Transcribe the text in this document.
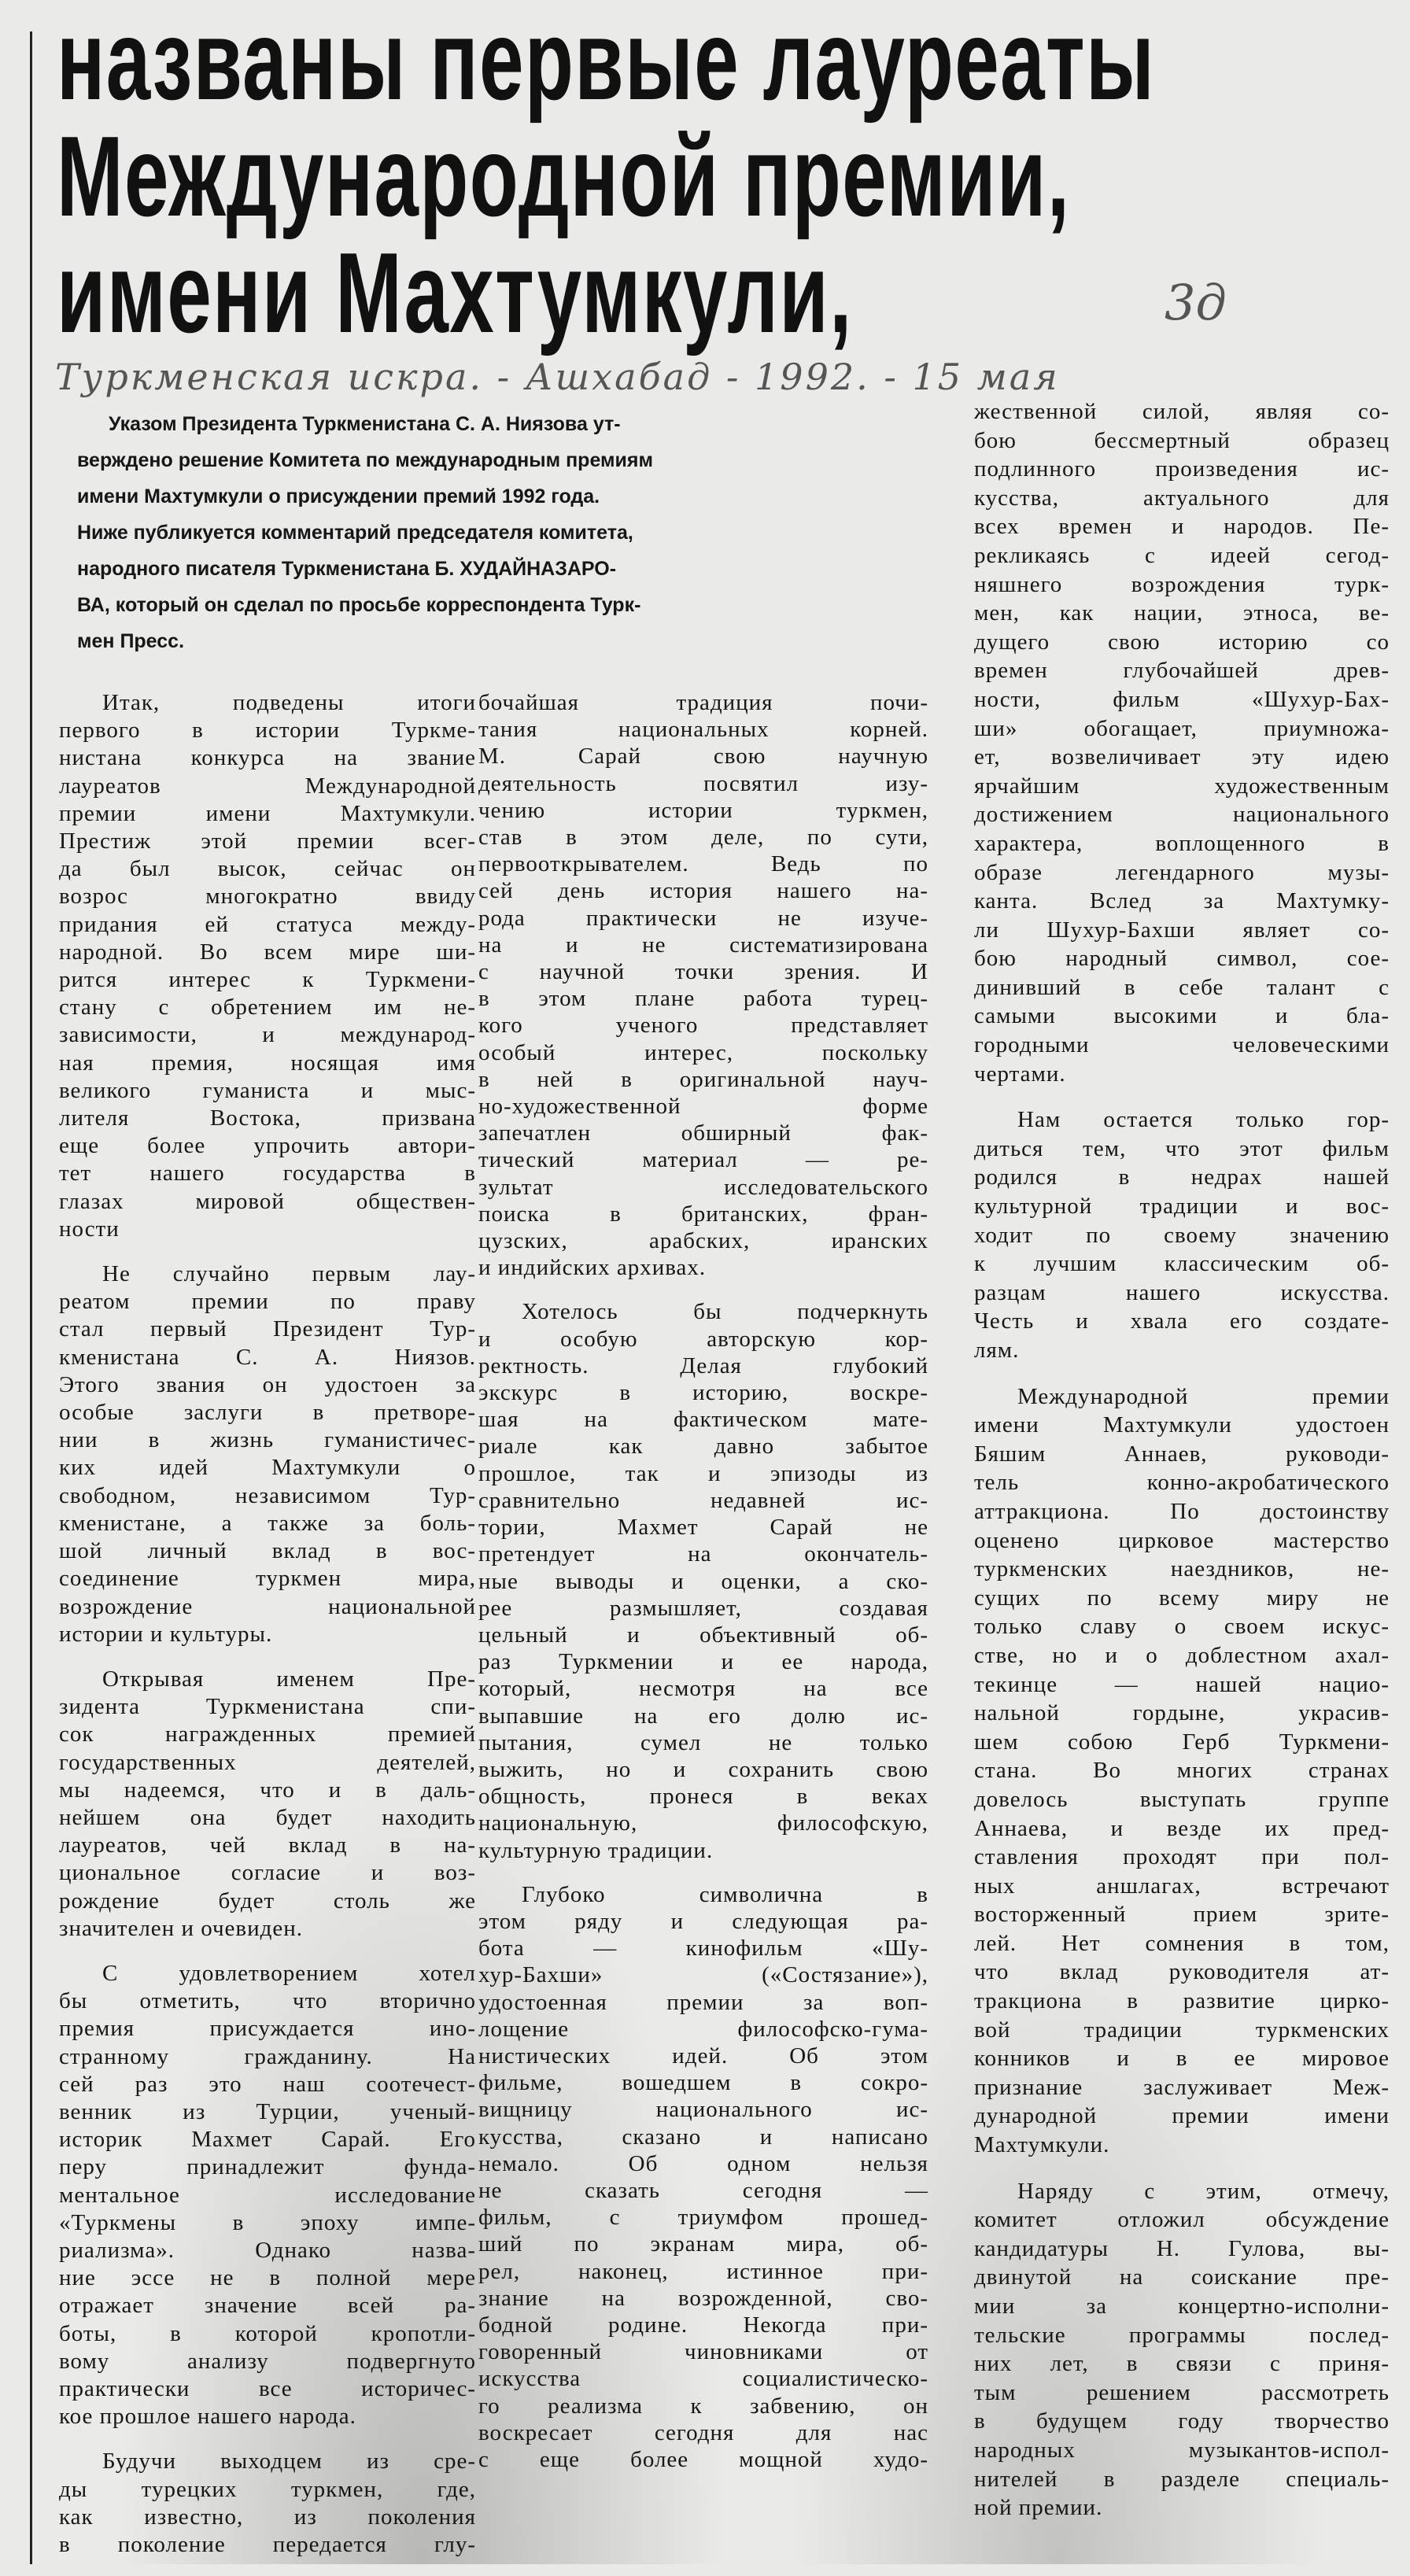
названы первые лауреаты
Международной премии,
имени Махтумкули,	3д
Туркменская искра. - Ашхабад - 1992. - 15 мая
Указом Президента Туркменистана С. А. Ниязова ут-
верждено решение Комитета по международным премиям
имени Махтумкули о присуждении премий 1992 года.
Ниже публикуется комментарий председателя комитета,
народного писателя Туркменистана Б. ХУДАЙНАЗАРО-
ВА, который он сделал по просьбе корреспондента Турк-
мен Пресс.
Итак, подведены итоги
первого в истории Туркме-
нистана конкурса на звание
лауреатов Международной
премии имени Махтумкули.
Престиж этой премии всег-
да был высок, сейчас он
возрос многократно ввиду
придания ей статуса между-
народной. Во всем мире ши-
рится интерес к Туркмени-
стану с обретением им не-
зависимости, и международ-
ная премия, носящая имя
великого гуманиста и мыс-
лителя Востока, призвана
еще более упрочить автори-
тет нашего государства в
глазах мировой обществен-
ности
Не случайно первым лау-
реатом премии по праву
стал первый Президент Тур-
кменистана С. А. Ниязов.
Этого звания он удостоен за
особые заслуги в претворе-
нии в жизнь гуманистичес-
ких идей Махтумкули о
свободном, независимом Тур-
кменистане, а также за боль-
шой личный вклад в вос-
соединение туркмен мира,
возрождение национальной
истории и культуры.
Открывая именем Пре-
зидента Туркменистана спи-
сок награжденных премией
государственных деятелей,
мы надеемся, что и в даль-
нейшем она будет находить
лауреатов, чей вклад в на-
циональное согласие и воз-
рождение будет столь же
значителен и очевиден.
С удовлетворением хотел
бы отметить, что вторично
премия присуждается ино-
странному гражданину. На
сей раз это наш соотечест-
венник из Турции, ученый-
историк Махмет Сарай. Его
перу принадлежит фунда-
ментальное исследование
«Туркмены в эпоху импе-
риализма». Однако назва-
ние эссе не в полной мере
отражает значение всей ра-
боты, в которой кропотли-
вому анализу подвергнуто
практически все историчес-
кое прошлое нашего народа.
Будучи выходцем из сре-
ды турецких туркмен, где,
как известно, из поколения
в поколение передается глу-
бочайшая традиция почи-
тания национальных корней.
М. Сарай свою научную
деятельность посвятил изу-
чению истории туркмен,
став в этом деле, по сути,
первооткрывателем. Ведь по
сей день история нашего на-
рода практически не изуче-
на и не систематизирована
с научной точки зрения. И
в этом плане работа турец-
кого ученого представляет
особый интерес, поскольку
в ней в оригинальной науч-
но-художественной форме
запечатлен обширный фак-
тический материал — ре-
зультат исследовательского
поиска в британских, фран-
цузских, арабских, иранских
и индийских архивах.
Хотелось бы подчеркнуть
и особую авторскую кор-
ректность. Делая глубокий
экскурс в историю, воскре-
шая на фактическом мате-
риале как давно забытое
прошлое, так и эпизоды из
сравнительно недавней ис-
тории, Махмет Сарай не
претендует на окончатель-
ные выводы и оценки, а ско-
рее размышляет, создавая
цельный и объективный об-
раз Туркмении и ее народа,
который, несмотря на все
выпавшие на его долю ис-
пытания, сумел не только
выжить, но и сохранить свою
общность, пронеся в веках
национальную, философскую,
культурную традиции.
Глубоко символична в
этом ряду и следующая ра-
бота — кинофильм «Шу-
хур-Бахши» («Состязание»),
удостоенная премии за воп-
лощение философско-гума-
нистических идей. Об этом
фильме, вошедшем в сокро-
вищницу национального ис-
кусства, сказано и написано
немало. Об одном нельзя
не сказать сегодня —
фильм, с триумфом прошед-
ший по экранам мира, об-
рел, наконец, истинное при-
знание на возрожденной, сво-
бодной родине. Некогда при-
говоренный чиновниками от
искусства социалистическо-
го реализма к забвению, он
воскресает сегодня для нас
с еще более мощной худо-
жественной силой, являя со-
бою бессмертный образец
подлинного произведения ис-
кусства, актуального для
всех времен и народов. Пе-
рекликаясь с идеей сегод-
няшнего возрождения турк-
мен, как нации, этноса, ве-
дущего свою историю со
времен глубочайшей древ-
ности, фильм «Шухур-Бах-
ши» обогащает, приумножа-
ет, возвеличивает эту идею
ярчайшим художественным
достижением национального
характера, воплощенного в
образе легендарного музы-
канта. Вслед за Махтумку-
ли Шухур-Бахши являет со-
бою народный символ, сое-
динивший в себе талант с
самыми высокими и бла-
городными человеческими
чертами.
Нам остается только гор-
диться тем, что этот фильм
родился в недрах нашей
культурной традиции и вос-
ходит по своему значению
к лучшим классическим об-
разцам нашего искусства.
Честь и хвала его создате-
лям.
Международной премии
имени Махтумкули удостоен
Бяшим Аннаев, руководи-
тель конно-акробатического
аттракциона. По достоинству
оценено цирковое мастерство
туркменских наездников, не-
сущих по всему миру не
только славу о своем искус-
стве, но и о доблестном ахал-
текинце — нашей нацио-
нальной гордыне, украсив-
шем собою Герб Туркмени-
стана. Во многих странах
довелось выступать группе
Аннаева, и везде их пред-
ставления проходят при пол-
ных аншлагах, встречают
восторженный прием зрите-
лей. Нет сомнения в том,
что вклад руководителя ат-
тракциона в развитие цирко-
вой традиции туркменских
конников и в ее мировое
признание заслуживает Меж-
дународной премии имени
Махтумкули.
Наряду с этим, отмечу,
комитет отложил обсуждение
кандидатуры Н. Гулова, вы-
двинутой на соискание пре-
мии за концертно-исполни-
тельские программы послед-
них лет, в связи с приня-
тым решением рассмотреть
в будущем году творчество
народных музыкантов-испол-
нителей в разделе специаль-
ной премии.
